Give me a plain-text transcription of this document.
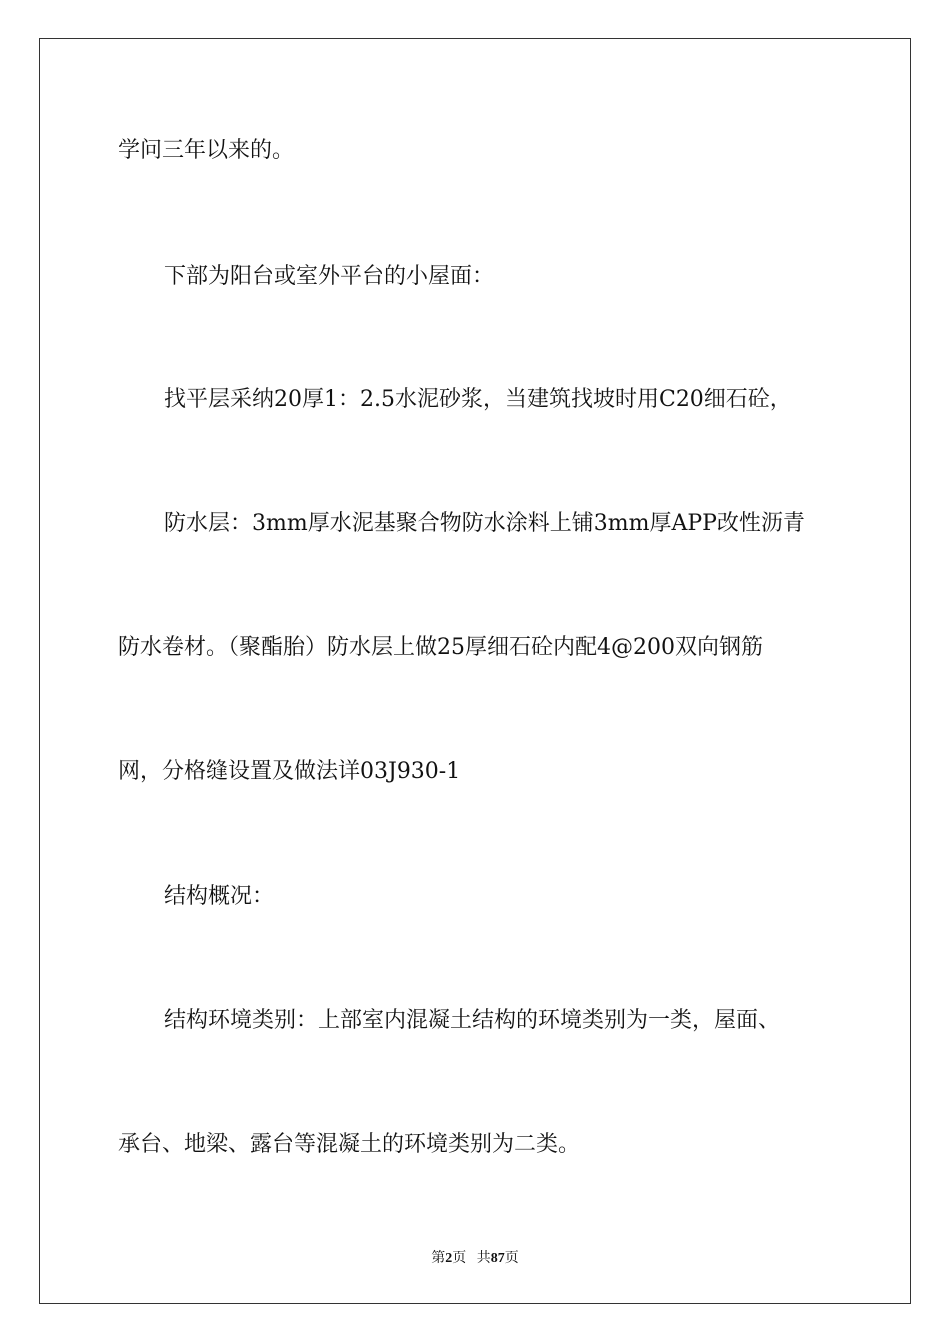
学问三年以来的。
下部为阳台或室外平台的小屋面：
找平层采纳20厚1：2.5水泥砂浆，当建筑找坡时用C20细石砼，
防水层：3mm厚水泥基聚合物防水涂料上铺3mm厚APP改性沥青
防水卷材。（聚酯胎）防水层上做25厚细石砼内配4@200双向钢筋
网，分格缝设置及做法详03J930-1
结构概况：
结构环境类别：上部室内混凝土结构的环境类别为一类，屋面、
承台、地梁、露台等混凝土的环境类别为二类。
第2页 共87页
